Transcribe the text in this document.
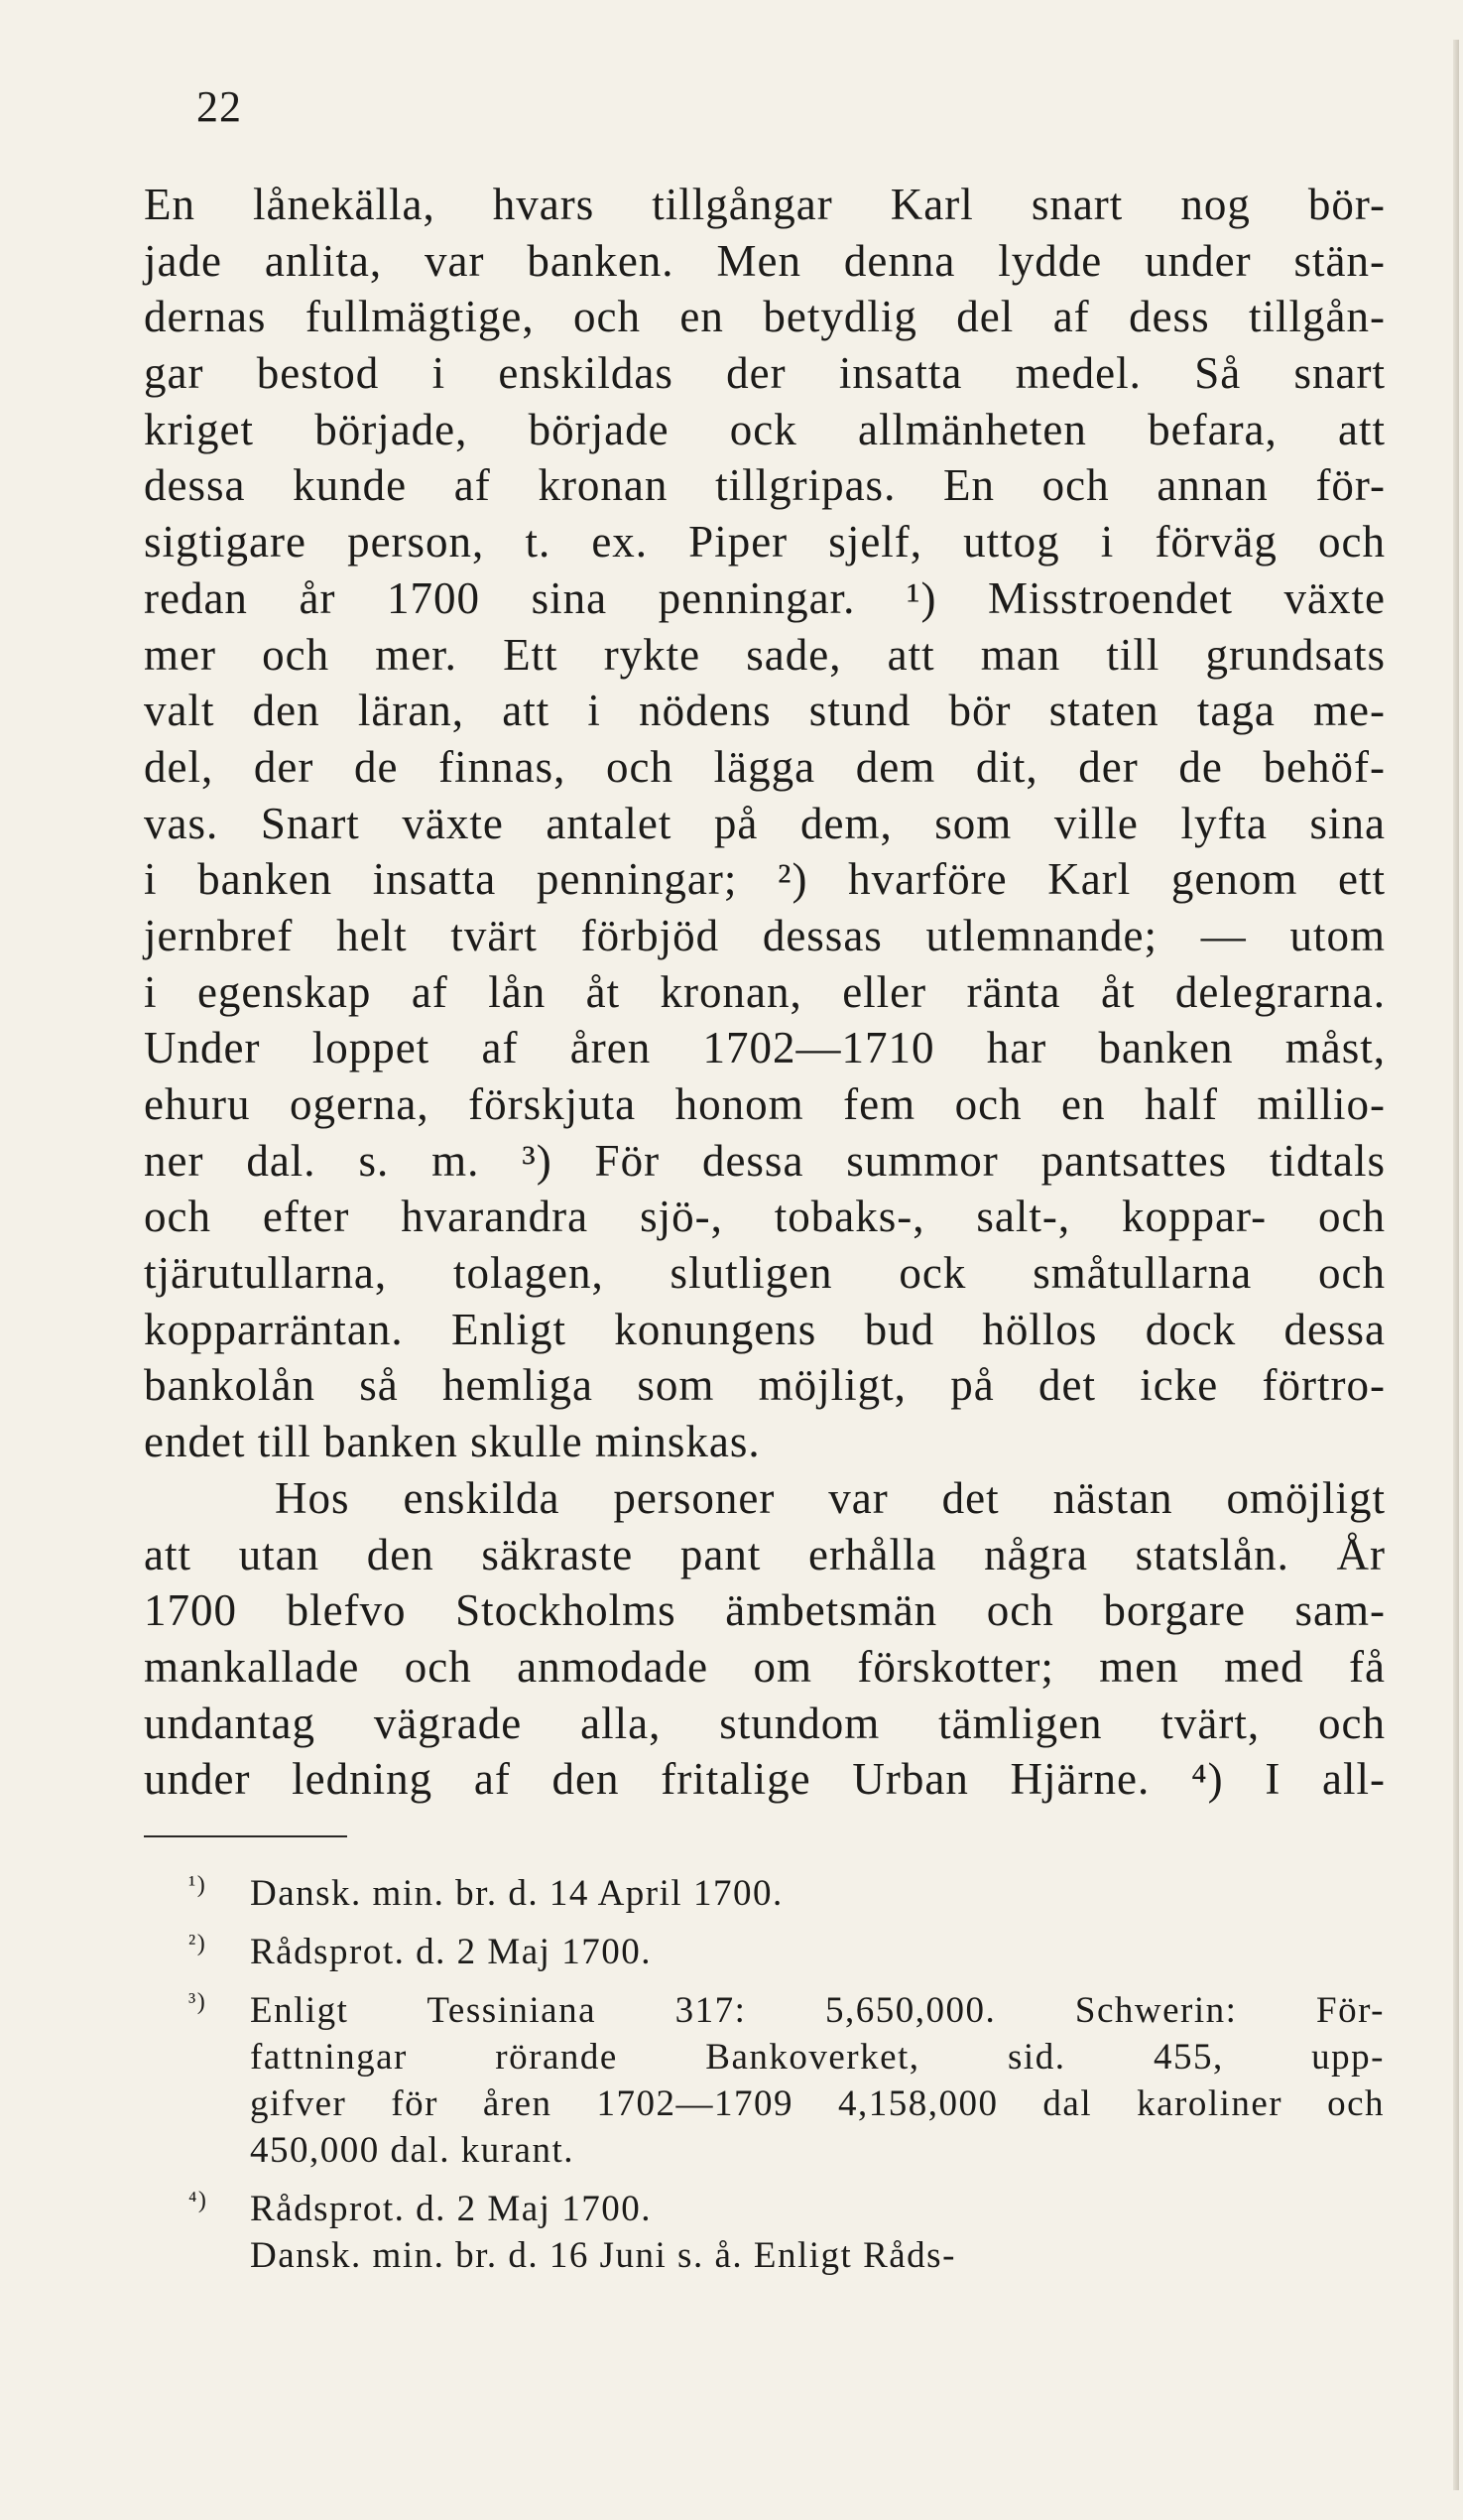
22
En lånekälla, hvars tillgångar Karl snart nog bör-
jade anlita, var banken. Men denna lydde under stän-
dernas fullmägtige, och en betydlig del af dess tillgån-
gar bestod i enskildas der insatta medel. Så snart
kriget började, började ock allmänheten befara, att
dessa kunde af kronan tillgripas. En och annan för-
sigtigare person, t. ex. Piper sjelf, uttog i förväg och
redan år 1700 sina penningar. ¹) Misstroendet växte
mer och mer. Ett rykte sade, att man till grundsats
valt den läran, att i nödens stund bör staten taga me-
del, der de finnas, och lägga dem dit, der de behöf-
vas. Snart växte antalet på dem, som ville lyfta sina
i banken insatta penningar; ²) hvarföre Karl genom ett
jernbref helt tvärt förbjöd dessas utlemnande; — utom
i egenskap af lån åt kronan, eller ränta åt delegrarna.
Under loppet af åren 1702—1710 har banken måst,
ehuru ogerna, förskjuta honom fem och en half millio-
ner dal. s. m. ³) För dessa summor pantsattes tidtals
och efter hvarandra sjö-, tobaks-, salt-, koppar- och
tjärutullarna, tolagen, slutligen ock småtullarna och
kopparräntan. Enligt konungens bud höllos dock dessa
bankolån så hemliga som möjligt, på det icke förtro-
endet till banken skulle minskas.
Hos enskilda personer var det nästan omöjligt
att utan den säkraste pant erhålla några statslån. År
1700 blefvo Stockholms ämbetsmän och borgare sam-
mankallade och anmodade om förskotter; men med få
undantag vägrade alla, stundom tämligen tvärt, och
under ledning af den fritalige Urban Hjärne. ⁴) I all-
¹) Dansk. min. br. d. 14 April 1700.
²) Rådsprot. d. 2 Maj 1700.
³) Enligt Tessiniana 317: 5,650,000. Schwerin: För-
fattningar rörande Bankoverket, sid. 455, upp-
gifver för åren 1702—1709 4,158,000 dal karoliner och
450,000 dal. kurant.
⁴) Rådsprot. d. 2 Maj 1700.
Dansk. min. br. d. 16 Juni s. å. Enligt Råds-
